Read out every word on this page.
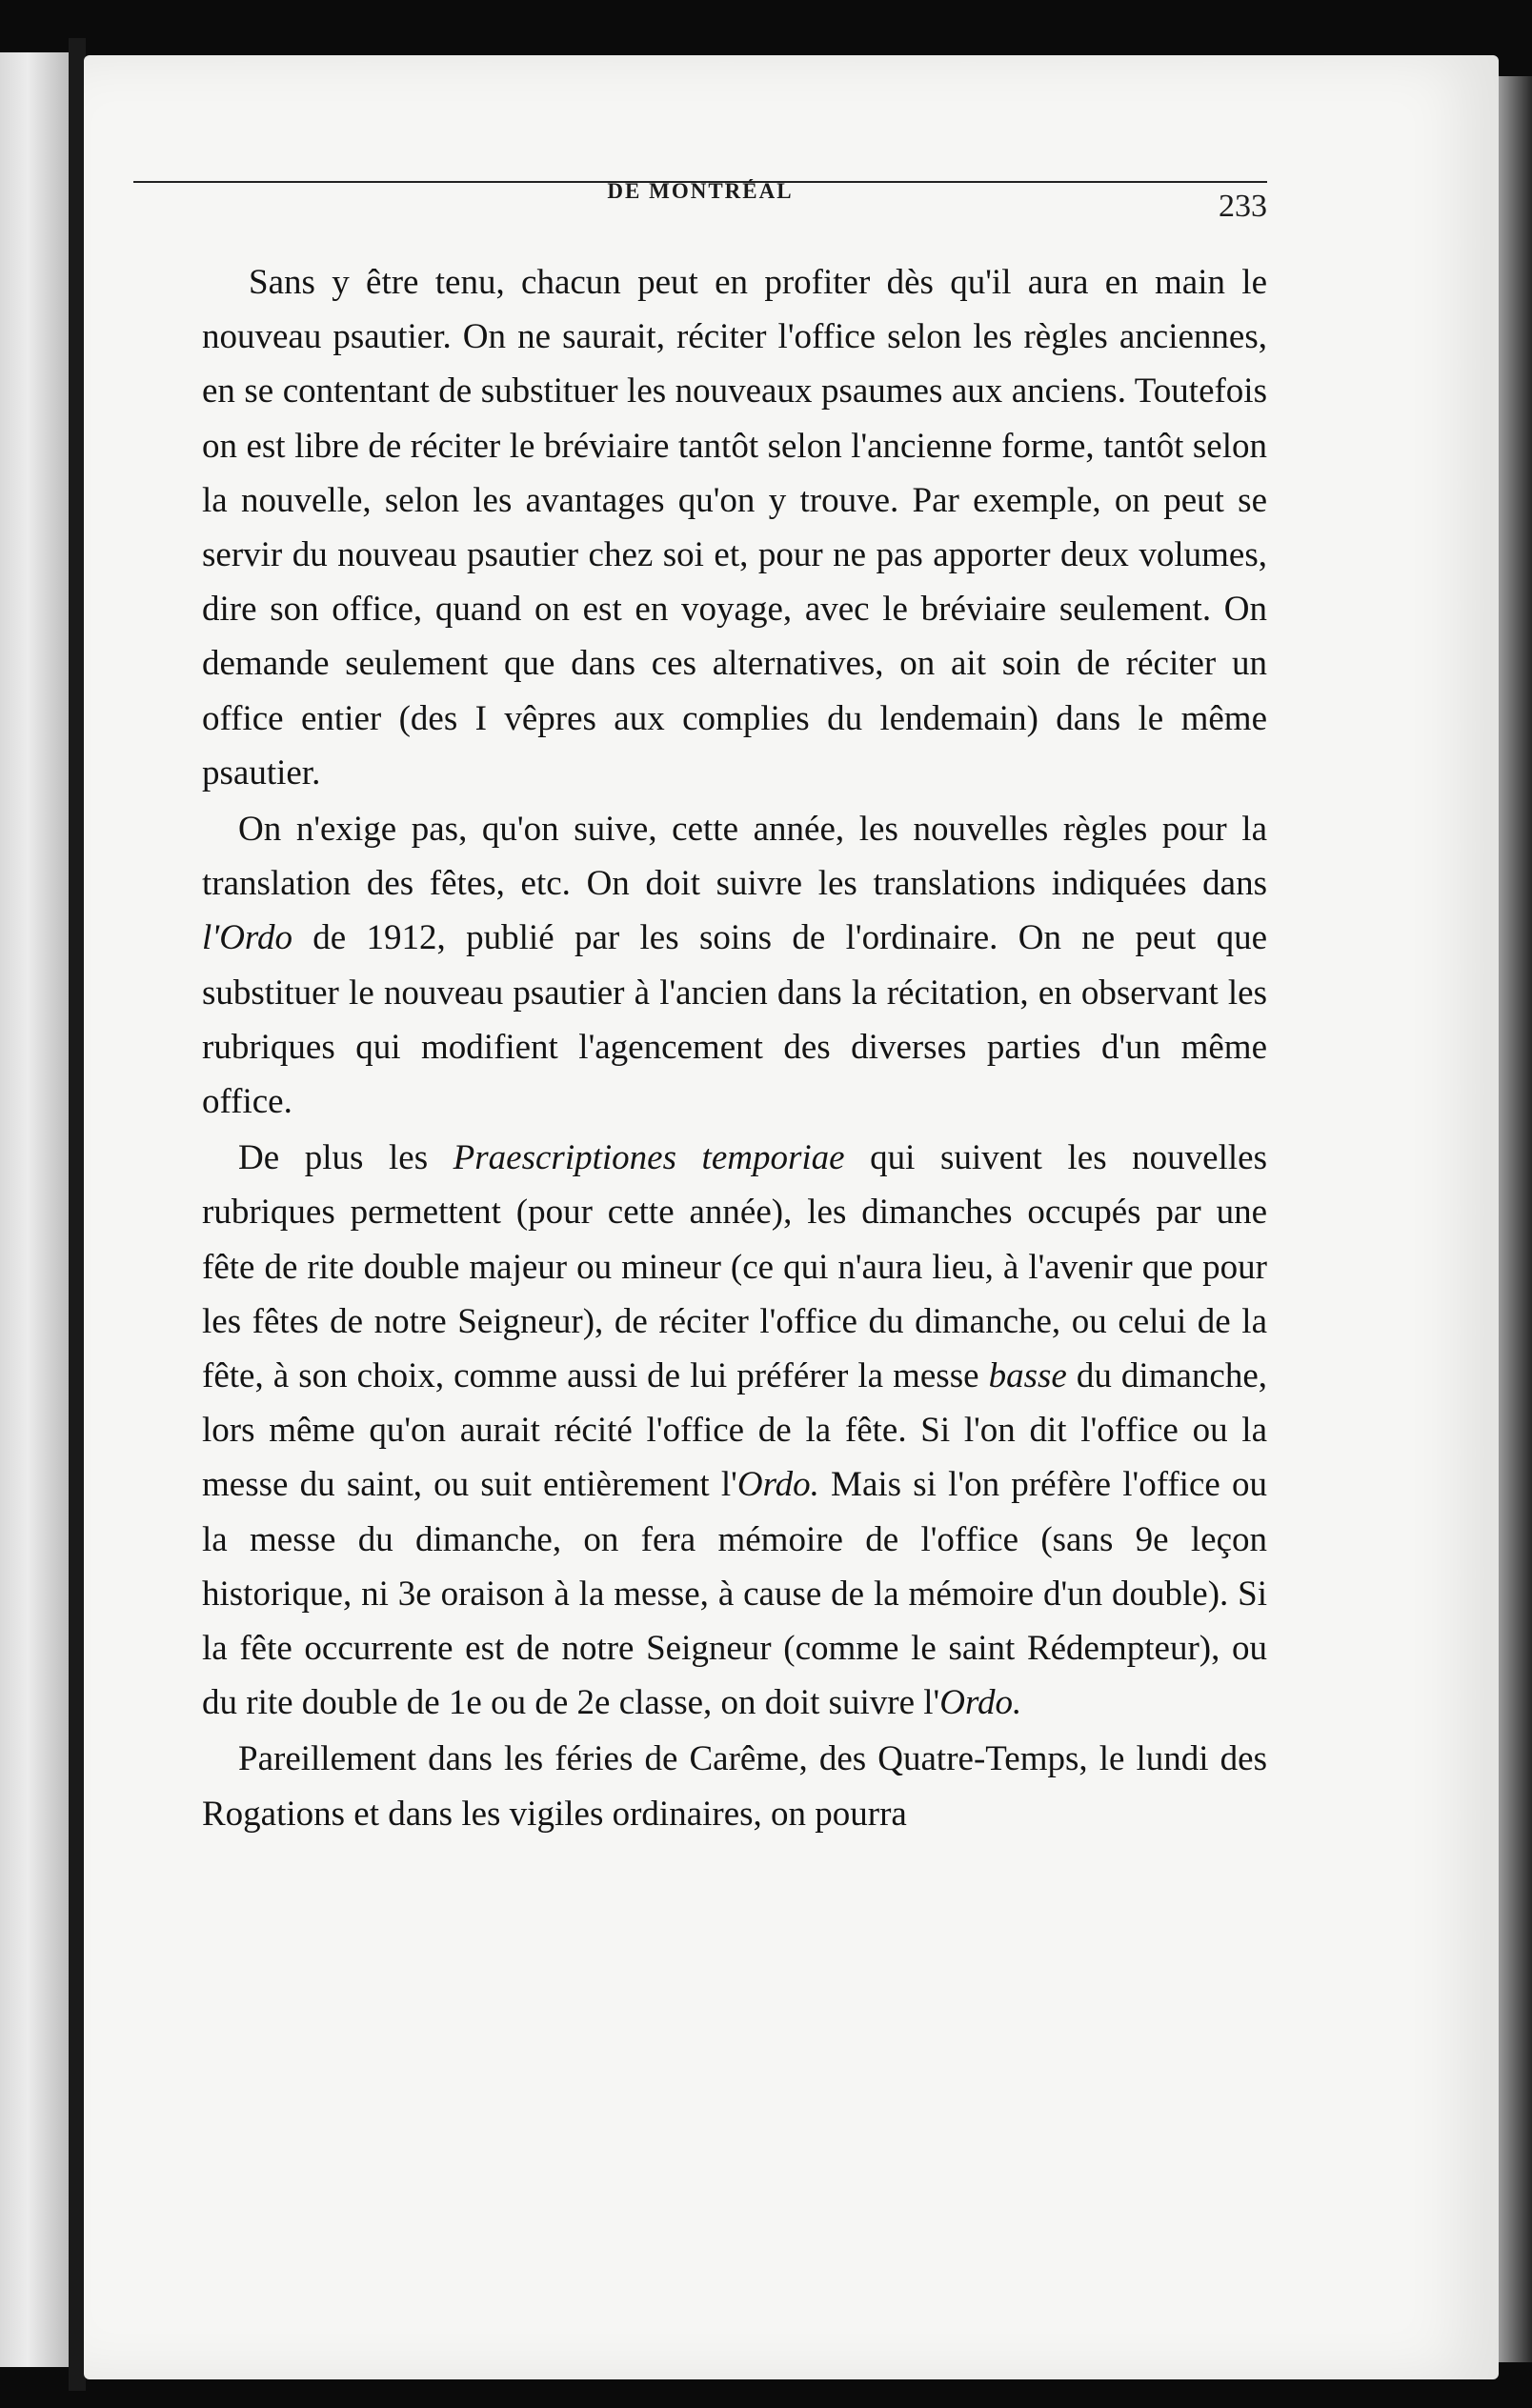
DE MONTRÉAL	233

Sans y être tenu, chacun peut en profiter dès qu'il aura en main le nouveau psautier. On ne saurait, réciter l'office selon les règles anciennes, en se contentant de substituer les nouveaux psaumes aux anciens. Toutefois on est libre de réciter le bréviaire tantôt selon l'ancienne forme, tantôt selon la nouvelle, selon les avantages qu'on y trouve. Par exemple, on peut se servir du nouveau psautier chez soi et, pour ne pas apporter deux volumes, dire son office, quand on est en voyage, avec le bréviaire seulement. On demande seulement que dans ces alternatives, on ait soin de réciter un office entier (des I vêpres aux complies du lendemain) dans le même psautier.

On n'exige pas, qu'on suive, cette année, les nouvelles règles pour la translation des fêtes, etc. On doit suivre les translations indiquées dans l'Ordo de 1912, publié par les soins de l'ordinaire. On ne peut que substituer le nouveau psautier à l'ancien dans la récitation, en observant les rubriques qui modifient l'agencement des diverses parties d'un même office.

De plus les Praescriptiones temporiae qui suivent les nouvelles rubriques permettent (pour cette année), les dimanches occupés par une fête de rite double majeur ou mineur (ce qui n'aura lieu, à l'avenir que pour les fêtes de notre Seigneur), de réciter l'office du dimanche, ou celui de la fête, à son choix, comme aussi de lui préférer la messe basse du dimanche, lors même qu'on aurait récité l'office de la fête. Si l'on dit l'office ou la messe du saint, ou suit entièrement l'Ordo. Mais si l'on préfère l'office ou la messe du dimanche, on fera mémoire de l'office (sans 9e leçon historique, ni 3e oraison à la messe, à cause de la mémoire d'un double). Si la fête occurrente est de notre Seigneur (comme le saint Rédempteur), ou du rite double de 1e ou de 2e classe, on doit suivre l'Ordo.

Pareillement dans les féries de Carême, des Quatre-Temps, le lundi des Rogations et dans les vigiles ordinaires, on pourra
